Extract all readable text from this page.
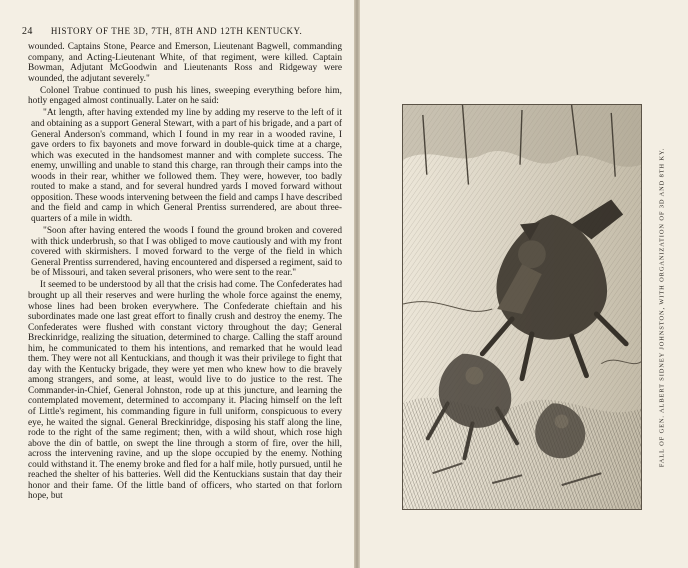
24 HISTORY OF THE 3D, 7TH, 8TH AND 12TH KENTUCKY.

wounded. Captains Stone, Pearce and Emerson, Lieutenant Bagwell, commanding company, and Acting-Lieutenant White, of that regiment, were killed. Captain Bowman, Adjutant McGoodwin and Lieutenants Ross and Ridgeway were wounded, the adjutant severely."

Colonel Trabue continued to push his lines, sweeping everything before him, hotly engaged almost continually. Later on he said:

"At length, after having extended my line by adding my reserve to the left of it and obtaining as a support General Stewart, with a part of his brigade, and a part of General Anderson's command, which I found in my rear in a wooded ravine, I gave orders to fix bayonets and move forward in double-quick time at a charge, which was executed in the handsomest manner and with complete success. The enemy, unwilling and unable to stand this charge, ran through their camps into the woods in their rear, whither we followed them. They were, however, too badly routed to make a stand, and for several hundred yards I moved forward without opposition. These woods intervening between the field and camps I have described and the field and camp in which General Prentiss surrendered, are about three-quarters of a mile in width.

"Soon after having entered the woods I found the ground broken and covered with thick underbrush, so that I was obliged to move cautiously and with my front covered with skirmishers. I moved forward to the verge of the field in which General Prentiss surrendered, having encountered and dispersed a regiment, said to be of Missouri, and taken several prisoners, who were sent to the rear."

It seemed to be understood by all that the crisis had come. The Confederates had brought up all their reserves and were hurling the whole force against the enemy, whose lines had been broken everywhere. The Confederate chieftain and his subordinates made one last great effort to finally crush and destroy the enemy. The Confederates were flushed with constant victory throughout the day; General Breckinridge, realizing the situation, determined to charge. Calling the staff around him, he communicated to them his intentions, and remarked that he would lead them. They were not all Kentuckians, and though it was their privilege to fight that day with the Kentucky brigade, they were yet men who knew how to die bravely among strangers, and some, at least, would live to do justice to the rest. The Commander-in-Chief, General Johnston, rode up at this juncture, and learning the contemplated movement, determined to accompany it. Placing himself on the left of Little's regiment, his commanding figure in full uniform, conspicuous to every eye, he waited the signal. General Breckinridge, disposing his staff along the line, rode to the right of the same regiment; then, with a wild shout, which rose high above the din of battle, on swept the line through a storm of fire, over the hill, across the intervening ravine, and up the slope occupied by the enemy. Nothing could withstand it. The enemy broke and fled for a half mile, hotly pursued, until he reached the shelter of his batteries. Well did the Kentuckians sustain that day their honor and their fame. Of the little band of officers, who started on that forlorn hope, but

FALL OF GEN. ALBERT SIDNEY JOHNSTON, WITH ORGANIZATION OF 3D AND 8TH KY.
